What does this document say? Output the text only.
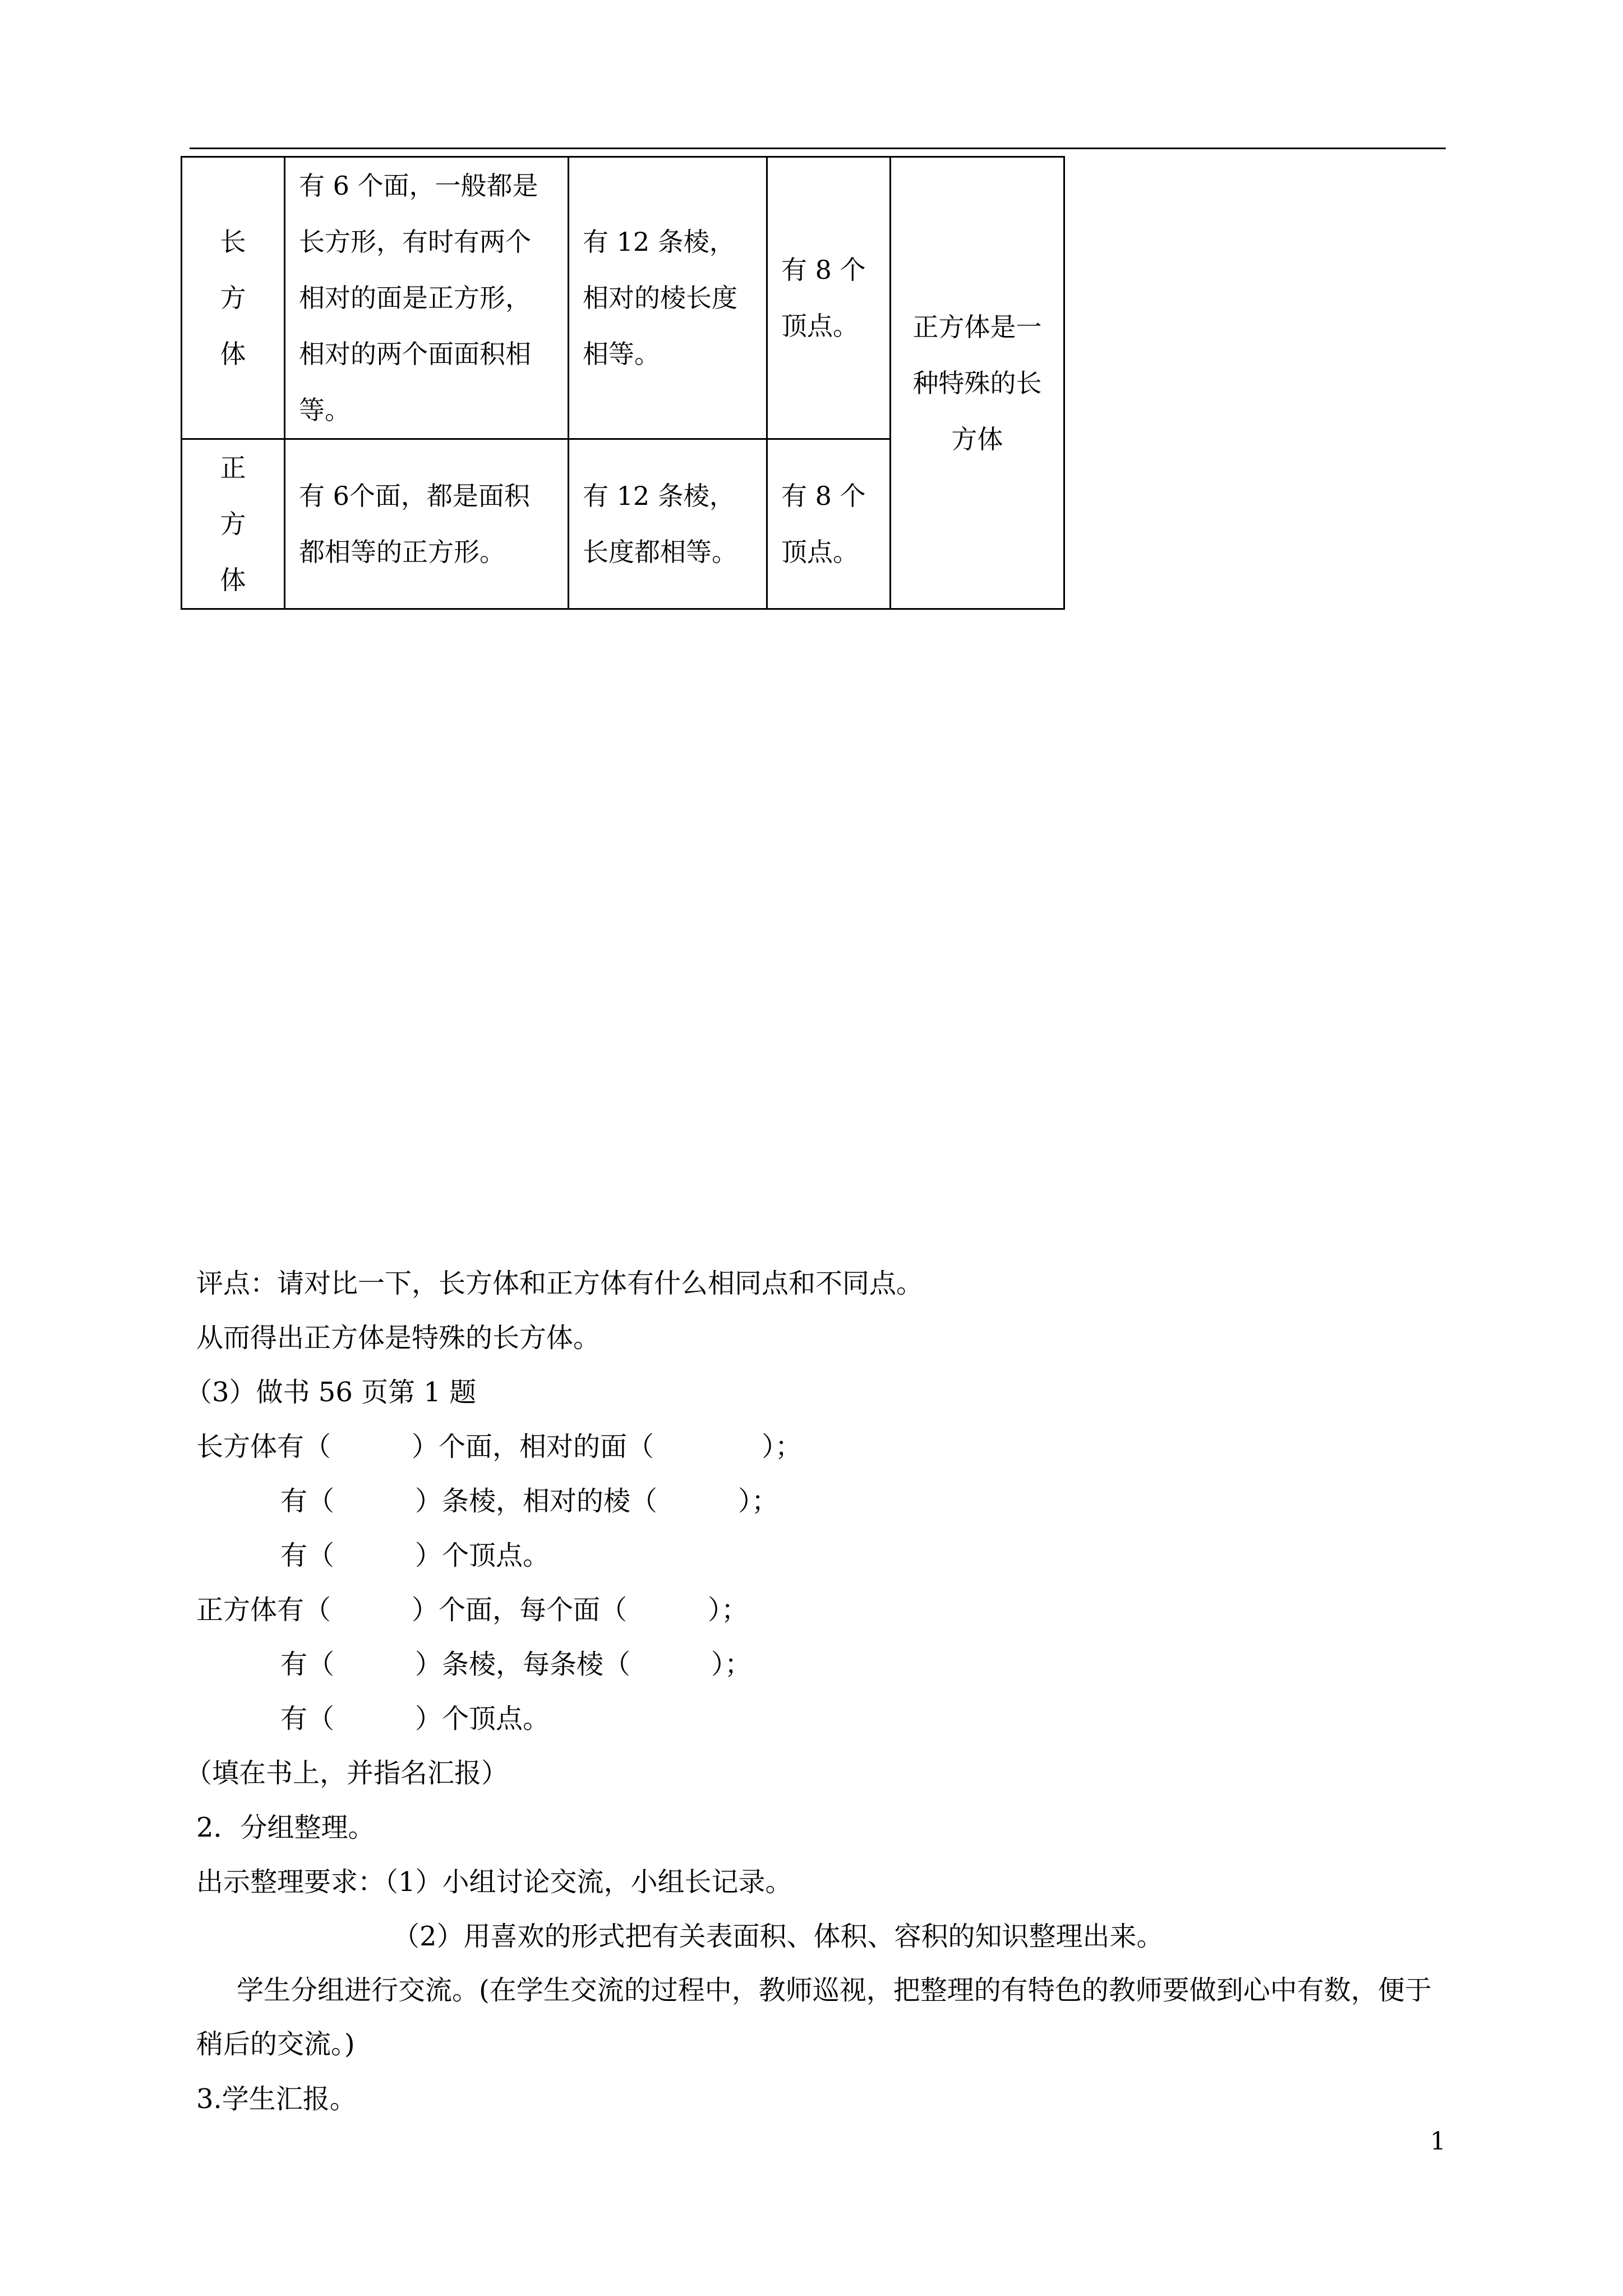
长
方
体	有 6 个面，一般都是长方形，有时有两个相对的面是正方形，相对的两个面面积相等。	有 12 条棱，相对的棱长度相等。	有 8 个顶点。	正方体是一种特殊的长方体

正
方
体	有 6个面，都是面积都相等的正方形。	有 12 条棱，长度都相等。	有 8 个顶点。	
评点：请对比一下，长方体和正方体有什么相同点和不同点。
从而得出正方体是特殊的长方体。
（3）做书 56 页第 1 题
长方体有（　　　）个面，相对的面（　　　　）；
有（　　　）条棱，相对的棱（　　　）；
有（　　　）个顶点。
正方体有（　　　）个面，每个面（　　　）；
有（　　　）条棱，每条棱（　　　）；
有（　　　）个顶点。
（填在书上，并指名汇报）
2．分组整理。
出示整理要求：（1）小组讨论交流，小组长记录。
（2）用喜欢的形式把有关表面积、体积、容积的知识整理出来。
学生分组进行交流。(在学生交流的过程中，教师巡视，把整理的有特色的教师要做到心中有数，便于稍后的交流。)
3.学生汇报。
1
